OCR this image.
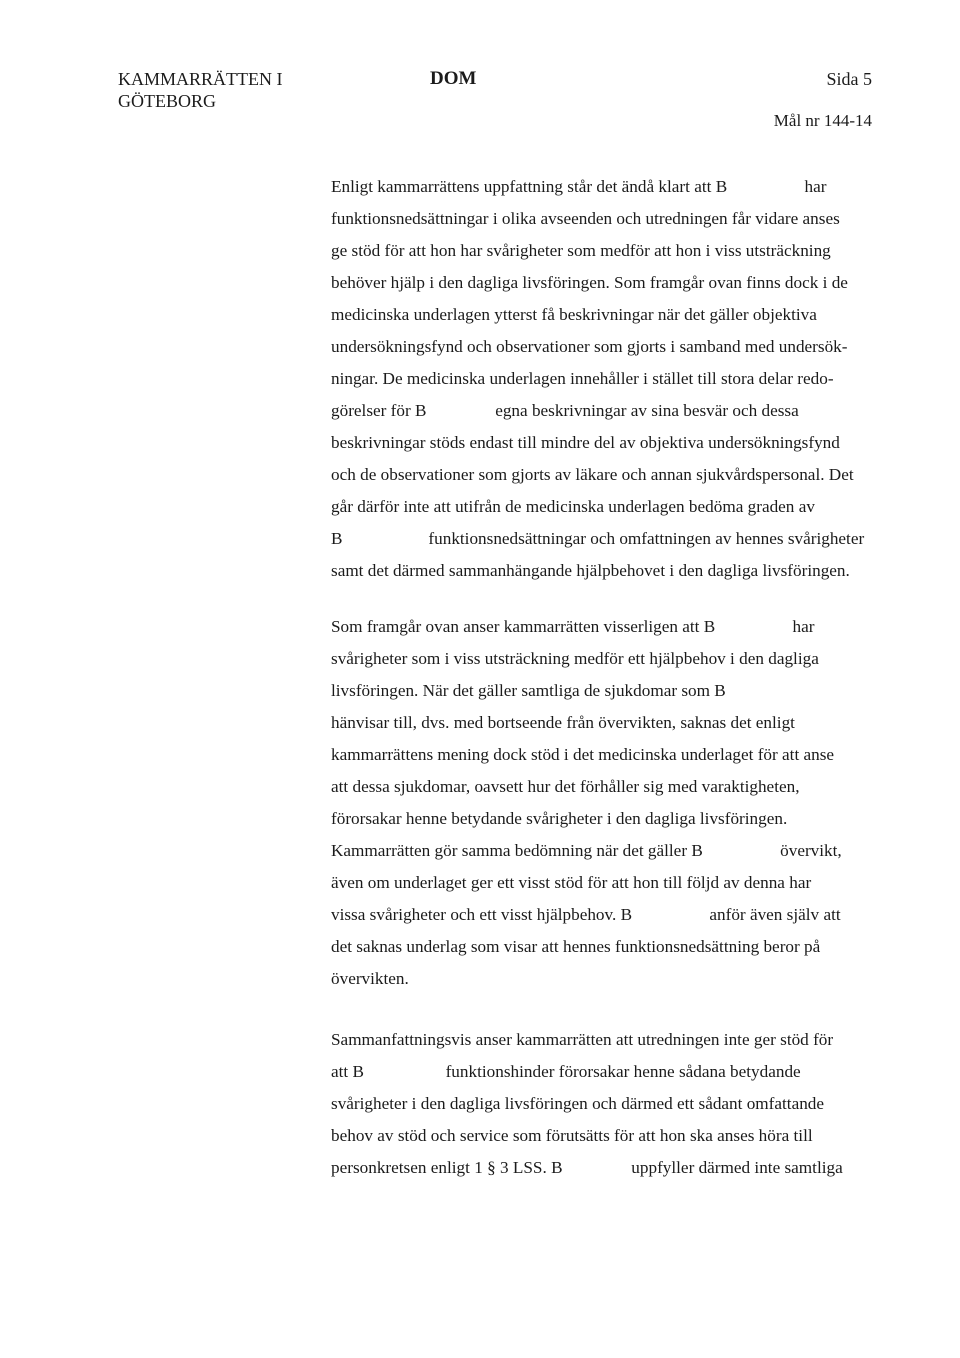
KAMMARRÄTTEN I
GÖTEBORG
DOM	Sida 5
Mål nr 144-14
Enligt kammarrättens uppfattning står det ändå klart att B                  har
funktionsnedsättningar i olika avseenden och utredningen får vidare anses
ge stöd för att hon har svårigheter som medför att hon i viss utsträckning
behöver hjälp i den dagliga livsföringen. Som framgår ovan finns dock i de
medicinska underlagen ytterst få beskrivningar när det gäller objektiva
undersökningsfynd och observationer som gjorts i samband med undersök-
ningar. De medicinska underlagen innehåller i stället till stora delar redo-
görelser för B                egna beskrivningar av sina besvär och dessa
beskrivningar stöds endast till mindre del av objektiva undersökningsfynd
och de observationer som gjorts av läkare och annan sjukvårdspersonal. Det
går därför inte att utifrån de medicinska underlagen bedöma graden av
B                    funktionsnedsättningar och omfattningen av hennes svårigheter
samt det därmed sammanhängande hjälpbehovet i den dagliga livsföringen.
Som framgår ovan anser kammarrätten visserligen att B                  har
svårigheter som i viss utsträckning medför ett hjälpbehov i den dagliga
livsföringen. När det gäller samtliga de sjukdomar som B
hänvisar till, dvs. med bortseende från övervikten, saknas det enligt
kammarrättens mening dock stöd i det medicinska underlaget för att anse
att dessa sjukdomar, oavsett hur det förhåller sig med varaktigheten,
förorsakar henne betydande svårigheter i den dagliga livsföringen.
Kammarrätten gör samma bedömning när det gäller B                  övervikt,
även om underlaget ger ett visst stöd för att hon till följd av denna har
vissa svårigheter och ett visst hjälpbehov. B                  anför även själv att
det saknas underlag som visar att hennes funktionsnedsättning beror på
övervikten.
Sammanfattningsvis anser kammarrätten att utredningen inte ger stöd för
att B                   funktionshinder förorsakar henne sådana betydande
svårigheter i den dagliga livsföringen och därmed ett sådant omfattande
behov av stöd och service som förutsätts för att hon ska anses höra till
personkretsen enligt 1 § 3 LSS. B                uppfyller därmed inte samtliga
